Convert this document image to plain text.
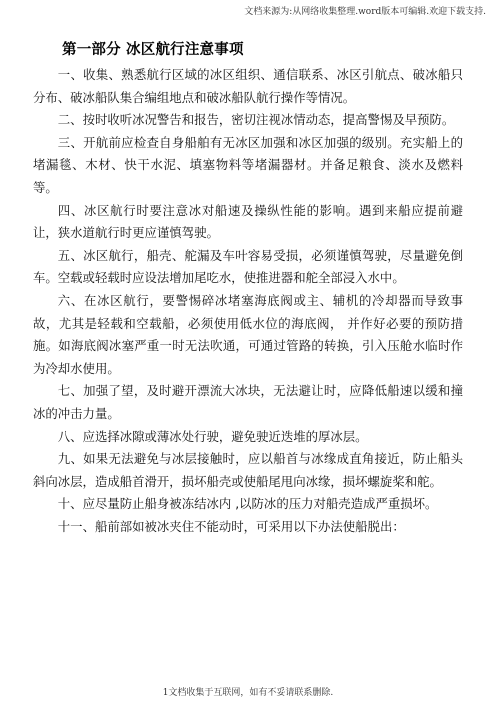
文档来源为:从网络收集整理.word版本可编辑.欢迎下载支持.
第一部分 冰区航行注意事项

一、收集、熟悉航行区域的冰区组织、通信联系、冰区引航点、破冰船只分布、破冰船队集合编组地点和破冰船队航行操作等情况。

二、按时收听冰况警告和报告，密切注视冰情动态，提高警惕及早预防。

三、开航前应检查自身船舶有无冰区加强和冰区加强的级别。充实船上的堵漏毯、木材、快干水泥、填塞物料等堵漏器材。并备足粮食、淡水及燃料等。

四、冰区航行时要注意冰对船速及操纵性能的影响。遇到来船应提前避让，狭水道航行时更应谨慎驾驶。

五、冰区航行，船壳、舵漏及车叶容易受损，必须谨慎驾驶，尽量避免倒车。空载或轻载时应设法增加尾吃水，使推进器和舵全部浸入水中。

六、在冰区航行，要警惕碎冰堵塞海底阀或主、辅机的冷却器而导致事故，尤其是轻载和空载船，必须使用低水位的海底阀， 并作好必要的预防措施。如海底阀冰塞严重一时无法吹通，可通过管路的转换，引入压舱水临时作为冷却水使用。

七、加强了望，及时避开漂流大冰块，无法避让时，应降低船速以缓和撞冰的冲击力量。

八、应选择冰隙或薄冰处行驶，避免驶近迭堆的厚冰层。

九、如果无法避免与冰层接触时，应以船首与冰缘成直角接近，防止船头斜向冰层，造成船首滑开，损坏船壳或使船尾甩向冰缘，损坏螺旋桨和舵。

十、应尽量防止船身被冻结冰内 ,以防冰的压力对船壳造成严重损坏。

十一、船前部如被冰夹住不能动时，可采用以下办法使船脱出：

1文档收集于互联网，如有不妥请联系删除.
